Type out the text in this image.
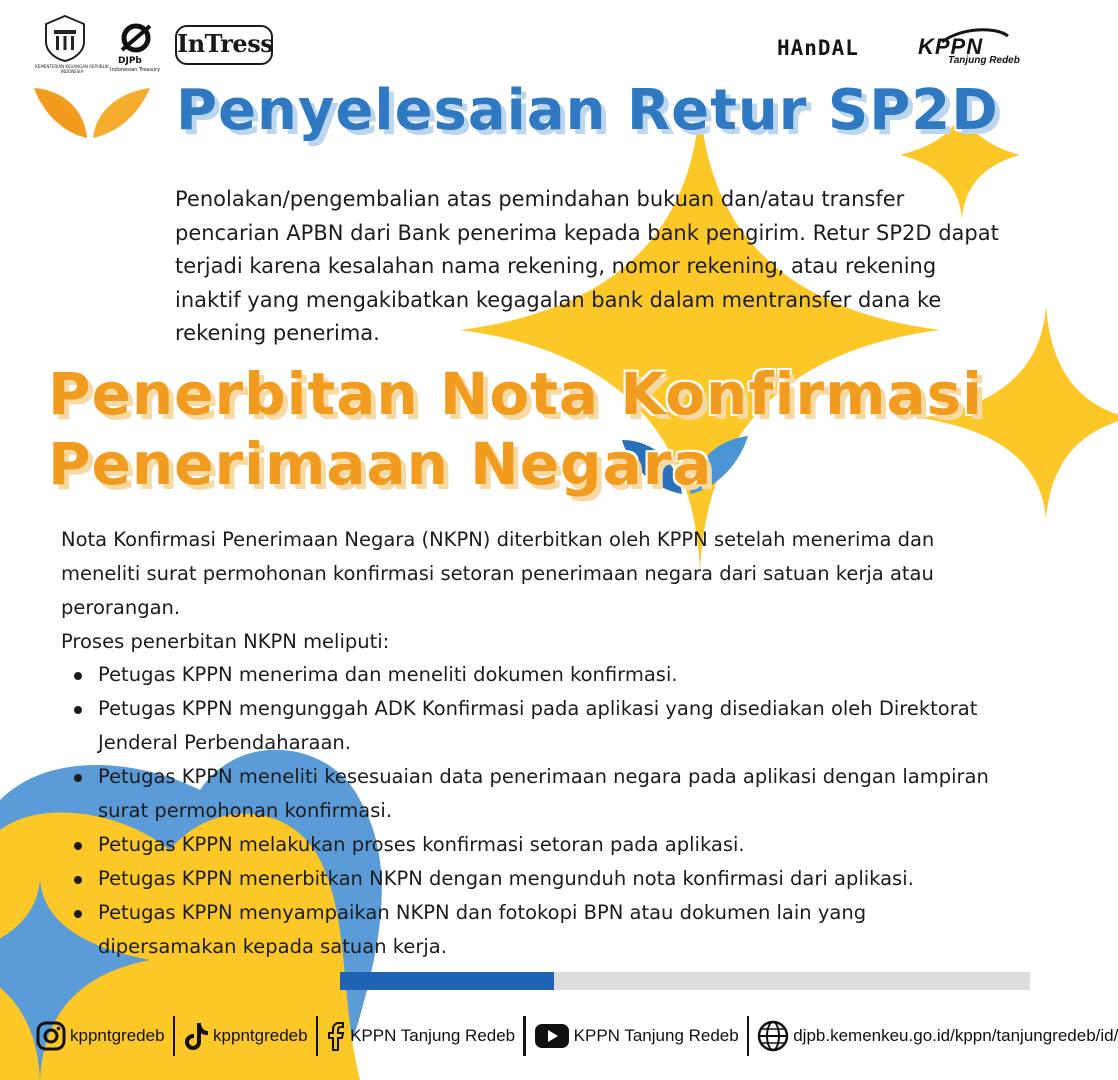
KEMENTERIAN KEUANGAN REPUBLIK INDONESIA
DJPb
Indonesian Treasury
InTress	HAnDAL	KPPN
Tanjung Redeb
Penyelesaian Retur SP2D
Penolakan/pengembalian atas pemindahan bukuan dan/atau transfer
pencarian APBN dari Bank penerima kepada bank pengirim. Retur SP2D dapat
terjadi karena kesalahan nama rekening, nomor rekening, atau rekening
inaktif yang mengakibatkan kegagalan bank dalam mentransfer dana ke
rekening penerima.
Penerbitan Nota Konfirmasi
Penerimaan Negara
Nota Konfirmasi Penerimaan Negara (NKPN) diterbitkan oleh KPPN setelah menerima dan
meneliti surat permohonan konfirmasi setoran penerimaan negara dari satuan kerja atau
perorangan.
Proses penerbitan NKPN meliputi:
Petugas KPPN menerima dan meneliti dokumen konfirmasi.
Petugas KPPN mengunggah ADK Konfirmasi pada aplikasi yang disediakan oleh Direktorat
Jenderal Perbendaharaan.
Petugas KPPN meneliti kesesuaian data penerimaan negara pada aplikasi dengan lampiran
surat permohonan konfirmasi.
Petugas KPPN melakukan proses konfirmasi setoran pada aplikasi.
Petugas KPPN menerbitkan NKPN dengan mengunduh nota konfirmasi dari aplikasi.
Petugas KPPN menyampaikan NKPN dan fotokopi BPN atau dokumen lain yang
dipersamakan kepada satuan kerja.
kppntgredeb	kppntgredeb	KPPN Tanjung Redeb	KPPN Tanjung Redeb	djpb.kemenkeu.go.id/kppn/tanjungredeb/id/
